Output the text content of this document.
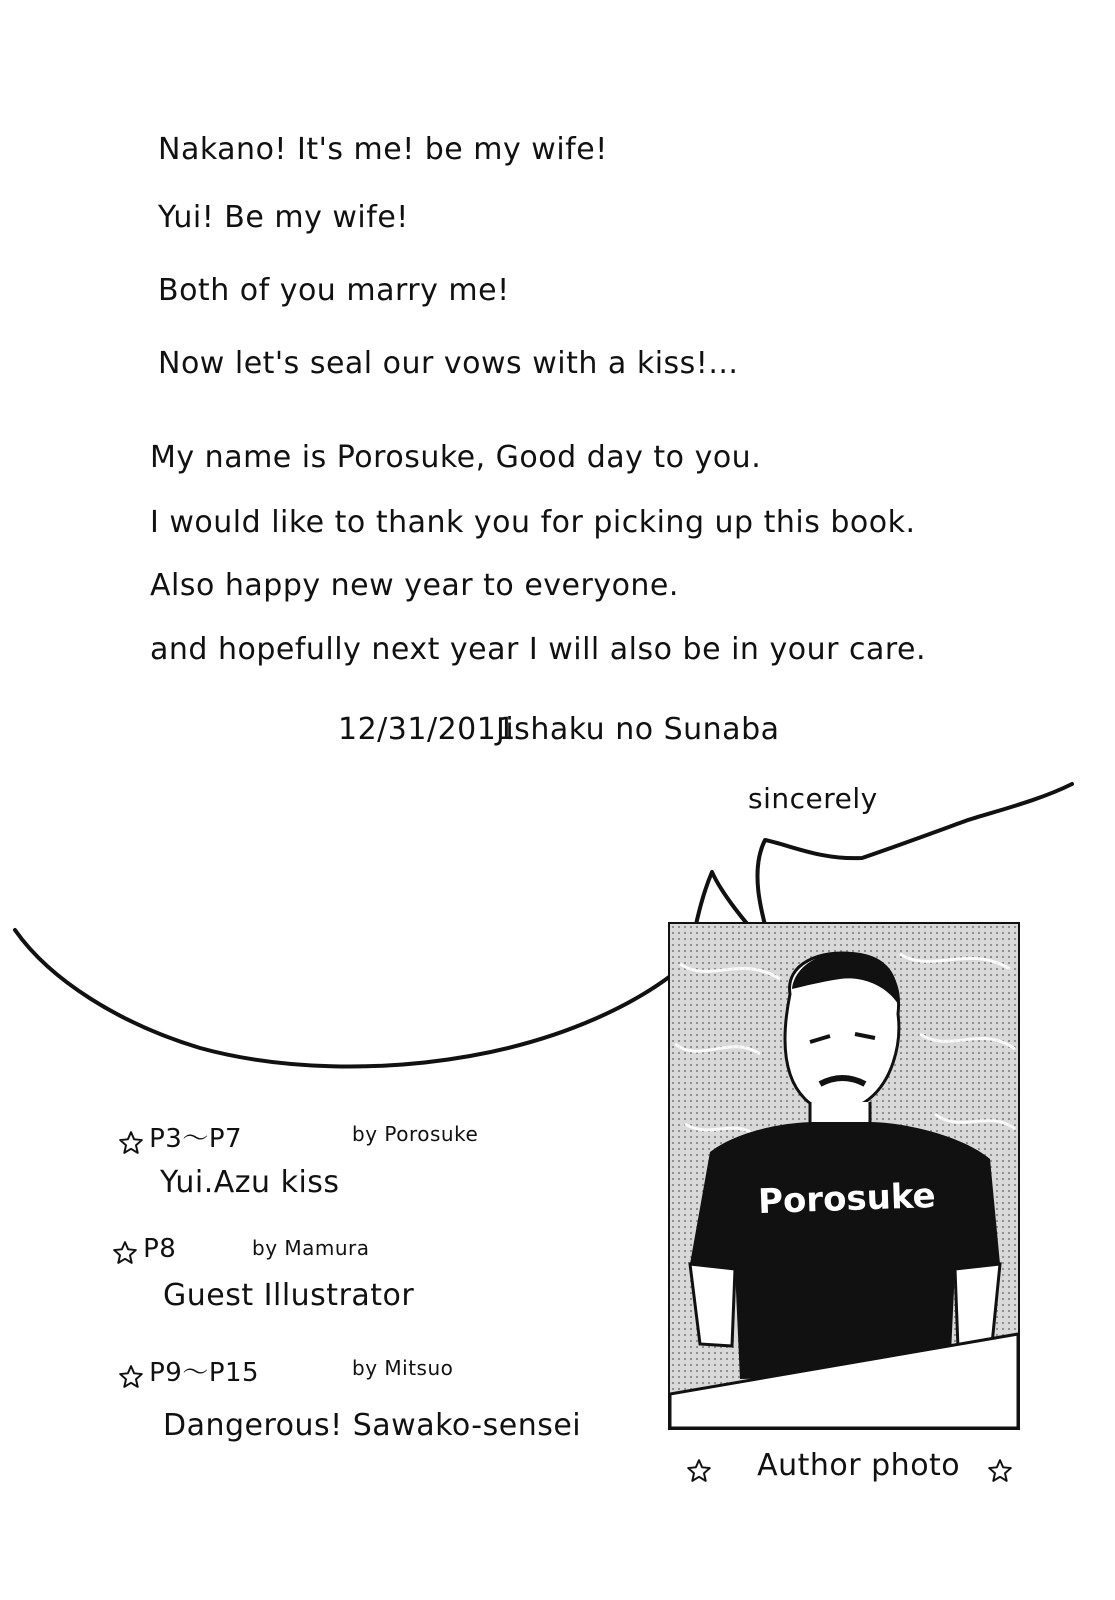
Nakano! It's me! be my wife!
Yui! Be my wife!
Both of you marry me!
Now let's seal our vows with a kiss!...
My name is Porosuke, Good day to you.
I would like to thank you for picking up this book.
Also happy new year to everyone.
and hopefully next year I will also be in your care.
12/31/2011
Jishaku no Sunaba
sincerely
P3〜P7	by Porosuke
Yui.Azu kiss
P8	by Mamura
Guest Illustrator
P9〜P15	by Mitsuo
Dangerous! Sawako-sensei
Porosuke
Author photo
